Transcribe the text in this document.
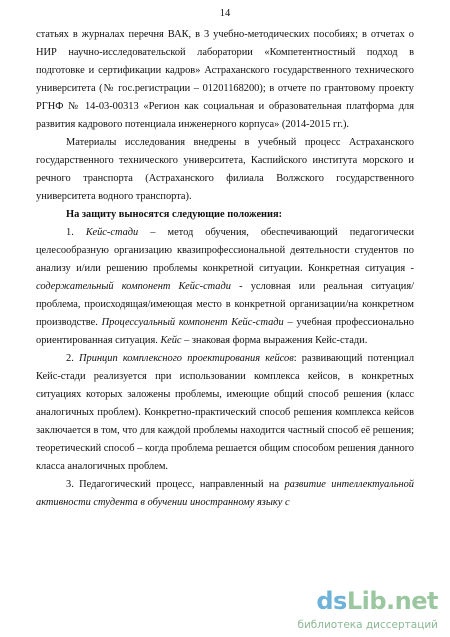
14

статьях в журналах перечня ВАК, в 3 учебно-методических пособиях; в отчетах о НИР научно-исследовательской лаборатории «Компетентностный подход в подготовке и сертификации кадров» Астраханского государственного технического университета (№ гос.регистрации – 01201168200); в отчете по грантовому проекту РГНФ № 14-03-00313 «Регион как социальная и образовательная платформа для развития кадрового потенциала инженерного корпуса» (2014-2015 гг.).

Материалы исследования внедрены в учебный процесс Астраханского государственного технического университета, Каспийского института морского и речного транспорта (Астраханского филиала Волжского государственного университета водного транспорта).

На защиту выносятся следующие положения:

1. Кейс-стади – метод обучения, обеспечивающий педагогически целесообразную организацию квазипрофессиональной деятельности студентов по анализу и/или решению проблемы конкретной ситуации. Конкретная ситуация - содержательный компонент Кейс-стади - условная или реальная ситуация/проблема, происходящая/имеющая место в конкретной организации/на конкретном производстве. Процессуальный компонент Кейс-стади – учебная профессионально ориентированная ситуация. Кейс – знаковая форма выражения Кейс-стади.

2. Принцип комплексного проектирования кейсов: развивающий потенциал Кейс-стади реализуется при использовании комплекса кейсов, в конкретных ситуациях которых заложены проблемы, имеющие общий способ решения (класс аналогичных проблем). Конкретно-практический способ решения комплекса кейсов заключается в том, что для каждой проблемы находится частный способ её решения; теоретический способ – когда проблема решается общим способом решения данного класса аналогичных проблем.

3. Педагогический процесс, направленный на развитие интеллектуальной активности студента в обучении иностранному языку с

dsLib.net
библиотека диссертаций
